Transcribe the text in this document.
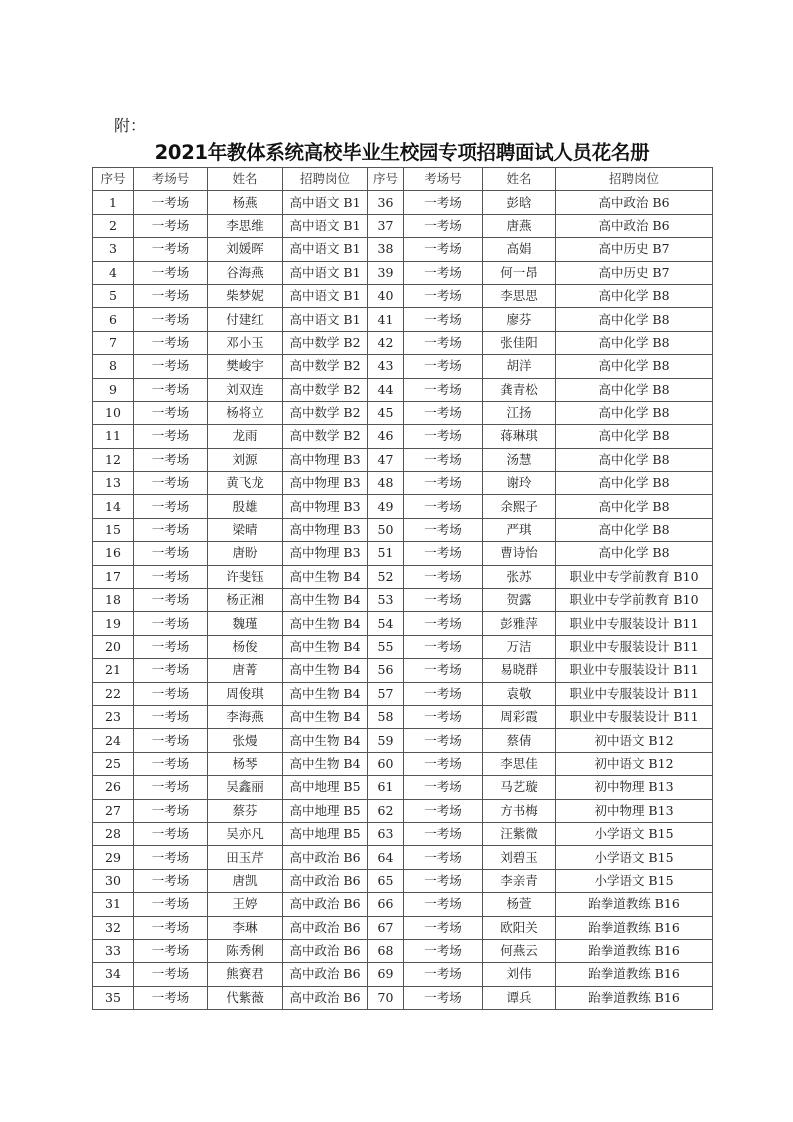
附：
2021年教体系统高校毕业生校园专项招聘面试人员花名册
序号	考场号	姓名	招聘岗位	序号	考场号	姓名	招聘岗位
1	一考场	杨燕	高中语文 B1	36	一考场	彭晗	高中政治 B6
2	一考场	李思维	高中语文 B1	37	一考场	唐燕	高中政治 B6
3	一考场	刘媛晖	高中语文 B1	38	一考场	高娟	高中历史 B7
4	一考场	谷海燕	高中语文 B1	39	一考场	何一昂	高中历史 B7
5	一考场	柴梦妮	高中语文 B1	40	一考场	李思思	高中化学 B8
6	一考场	付建红	高中语文 B1	41	一考场	廖芬	高中化学 B8
7	一考场	邓小玉	高中数学 B2	42	一考场	张佳阳	高中化学 B8
8	一考场	樊峻宇	高中数学 B2	43	一考场	胡洋	高中化学 B8
9	一考场	刘双连	高中数学 B2	44	一考场	龚青松	高中化学 B8
10	一考场	杨将立	高中数学 B2	45	一考场	江扬	高中化学 B8
11	一考场	龙雨	高中数学 B2	46	一考场	蒋琳琪	高中化学 B8
12	一考场	刘源	高中物理 B3	47	一考场	汤慧	高中化学 B8
13	一考场	黄飞龙	高中物理 B3	48	一考场	谢玲	高中化学 B8
14	一考场	殷雄	高中物理 B3	49	一考场	余熙子	高中化学 B8
15	一考场	梁晴	高中物理 B3	50	一考场	严琪	高中化学 B8
16	一考场	唐盼	高中物理 B3	51	一考场	曹诗怡	高中化学 B8
17	一考场	许斐钰	高中生物 B4	52	一考场	张苏	职业中专学前教育 B10
18	一考场	杨正湘	高中生物 B4	53	一考场	贺露	职业中专学前教育 B10
19	一考场	魏瑾	高中生物 B4	54	一考场	彭雅萍	职业中专服装设计 B11
20	一考场	杨俊	高中生物 B4	55	一考场	万洁	职业中专服装设计 B11
21	一考场	唐菁	高中生物 B4	56	一考场	易晓群	职业中专服装设计 B11
22	一考场	周俊琪	高中生物 B4	57	一考场	袁敬	职业中专服装设计 B11
23	一考场	李海燕	高中生物 B4	58	一考场	周彩霞	职业中专服装设计 B11
24	一考场	张熳	高中生物 B4	59	一考场	蔡倩	初中语文 B12
25	一考场	杨琴	高中生物 B4	60	一考场	李思佳	初中语文 B12
26	一考场	吴鑫丽	高中地理 B5	61	一考场	马艺璇	初中物理 B13
27	一考场	蔡芬	高中地理 B5	62	一考场	方书梅	初中物理 B13
28	一考场	吴亦凡	高中地理 B5	63	一考场	汪紫微	小学语文 B15
29	一考场	田玉芹	高中政治 B6	64	一考场	刘碧玉	小学语文 B15
30	一考场	唐凯	高中政治 B6	65	一考场	李亲青	小学语文 B15
31	一考场	王婷	高中政治 B6	66	一考场	杨萱	跆拳道教练 B16
32	一考场	李琳	高中政治 B6	67	一考场	欧阳关	跆拳道教练 B16
33	一考场	陈秀俐	高中政治 B6	68	一考场	何燕云	跆拳道教练 B16
34	一考场	熊赛君	高中政治 B6	69	一考场	刘伟	跆拳道教练 B16
35	一考场	代紫薇	高中政治 B6	70	一考场	谭兵	跆拳道教练 B16
